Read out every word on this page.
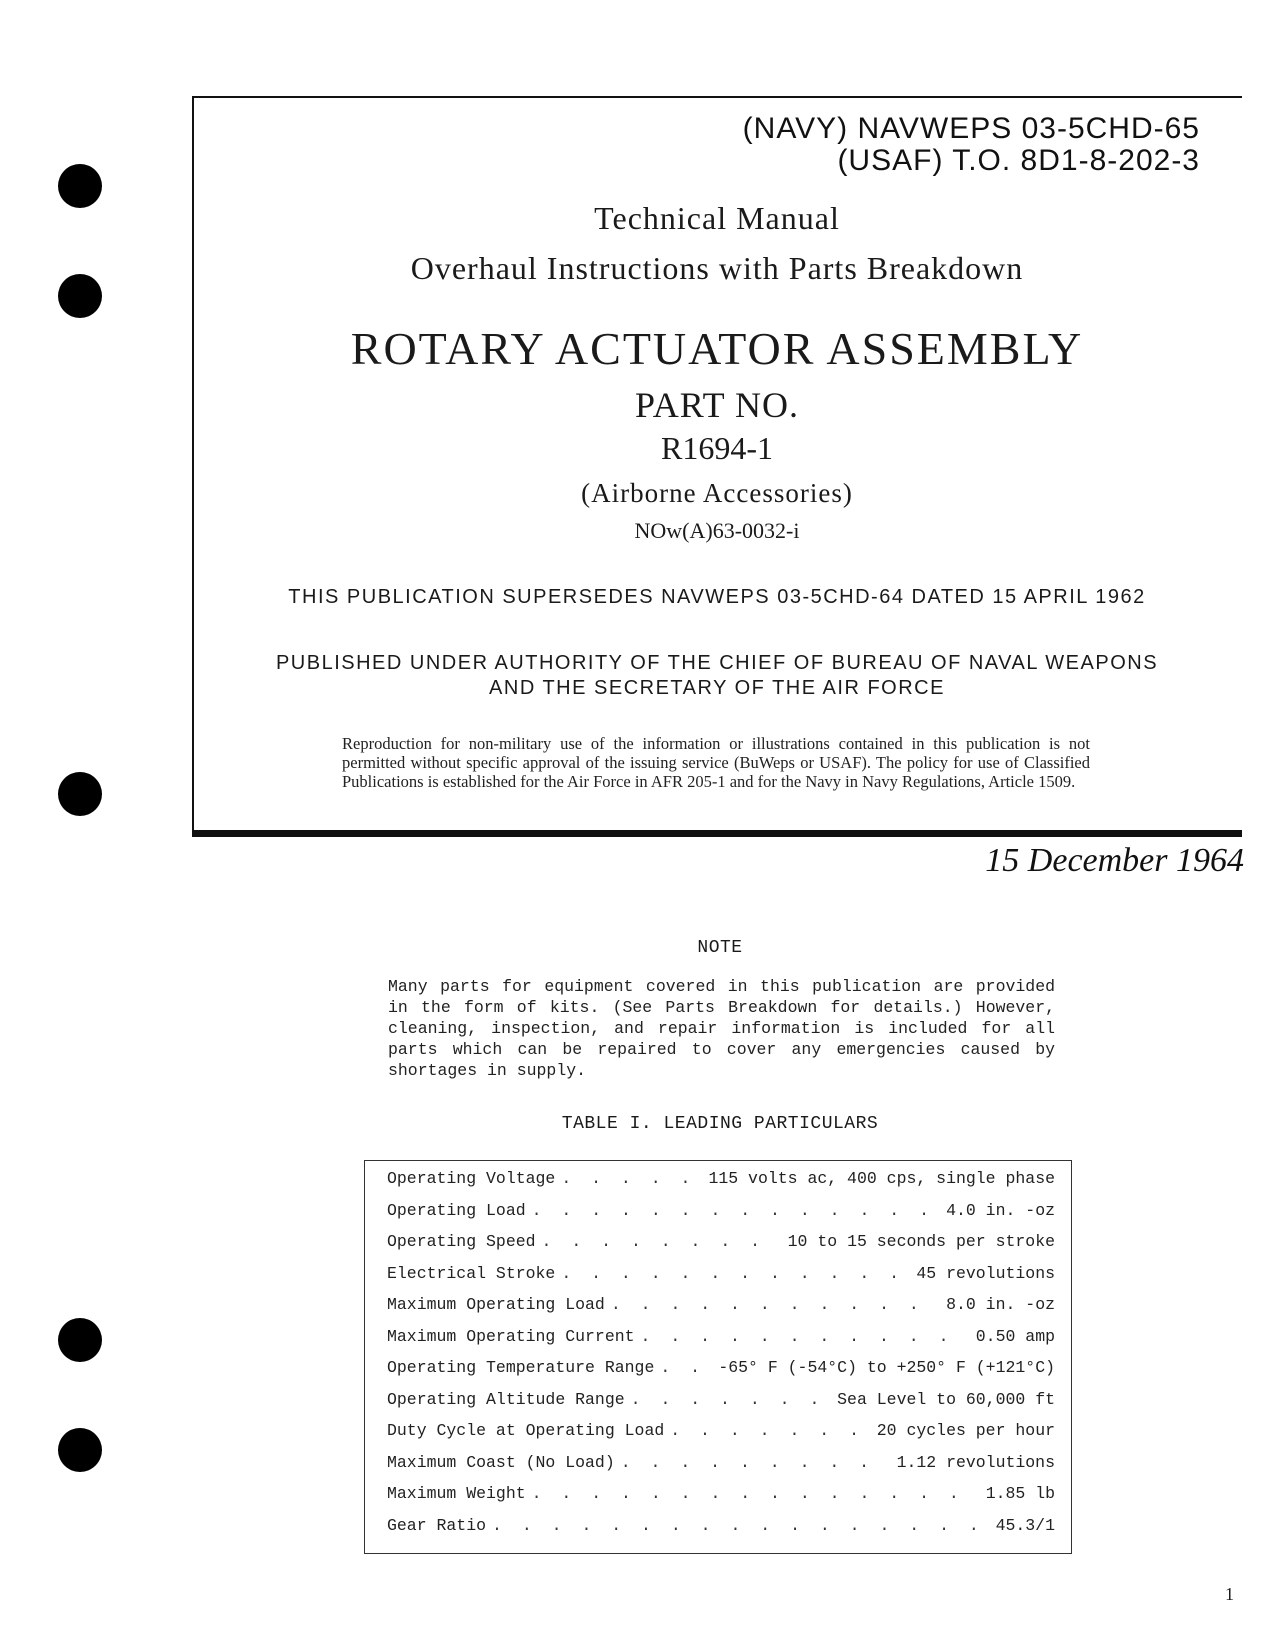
(NAVY) NAVWEPS 03-5CHD-65
(USAF) T.O. 8D1-8-202-3
Technical Manual
Overhaul Instructions with Parts Breakdown
ROTARY ACTUATOR ASSEMBLY
PART NO.
R1694-1
(Airborne Accessories)
NOw(A)63-0032-i
THIS PUBLICATION SUPERSEDES NAVWEPS 03-5CHD-64 DATED 15 APRIL 1962
PUBLISHED UNDER AUTHORITY OF THE CHIEF OF BUREAU OF NAVAL WEAPONS
AND THE SECRETARY OF THE AIR FORCE
Reproduction for non-military use of the information or illustrations contained in this publication is not permitted without specific approval of the issuing service (BuWeps or USAF). The policy for use of Classified Publications is established for the Air Force in AFR 205-1 and for the Navy in Navy Regulations, Article 1509.
15 December 1964
NOTE
Many parts for equipment covered in this publication are provided in the form of kits. (See Parts Breakdown for details.) However, cleaning, inspection, and repair information is included for all parts which can be repaired to cover any emergencies caused by shortages in supply.
TABLE I. LEADING PARTICULARS
Operating Voltage . . .	115 volts ac, 400 cps, single phase
Operating Load . . .	4.0 in. -oz
Operating Speed . . .	10 to 15 seconds per stroke
Electrical Stroke . . .	45 revolutions
Maximum Operating Load . . .	8.0 in. -oz
Maximum Operating Current . . .	0.50 amp
Operating Temperature Range . . .	-65° F (-54°C) to +250° F (+121°C)
Operating Altitude Range . . .	Sea Level to 60,000 ft
Duty Cycle at Operating Load . . .	20 cycles per hour
Maximum Coast (No Load) . . .	1.12 revolutions
Maximum Weight . . .	1.85 lb
Gear Ratio . . .	45.3/1
1
